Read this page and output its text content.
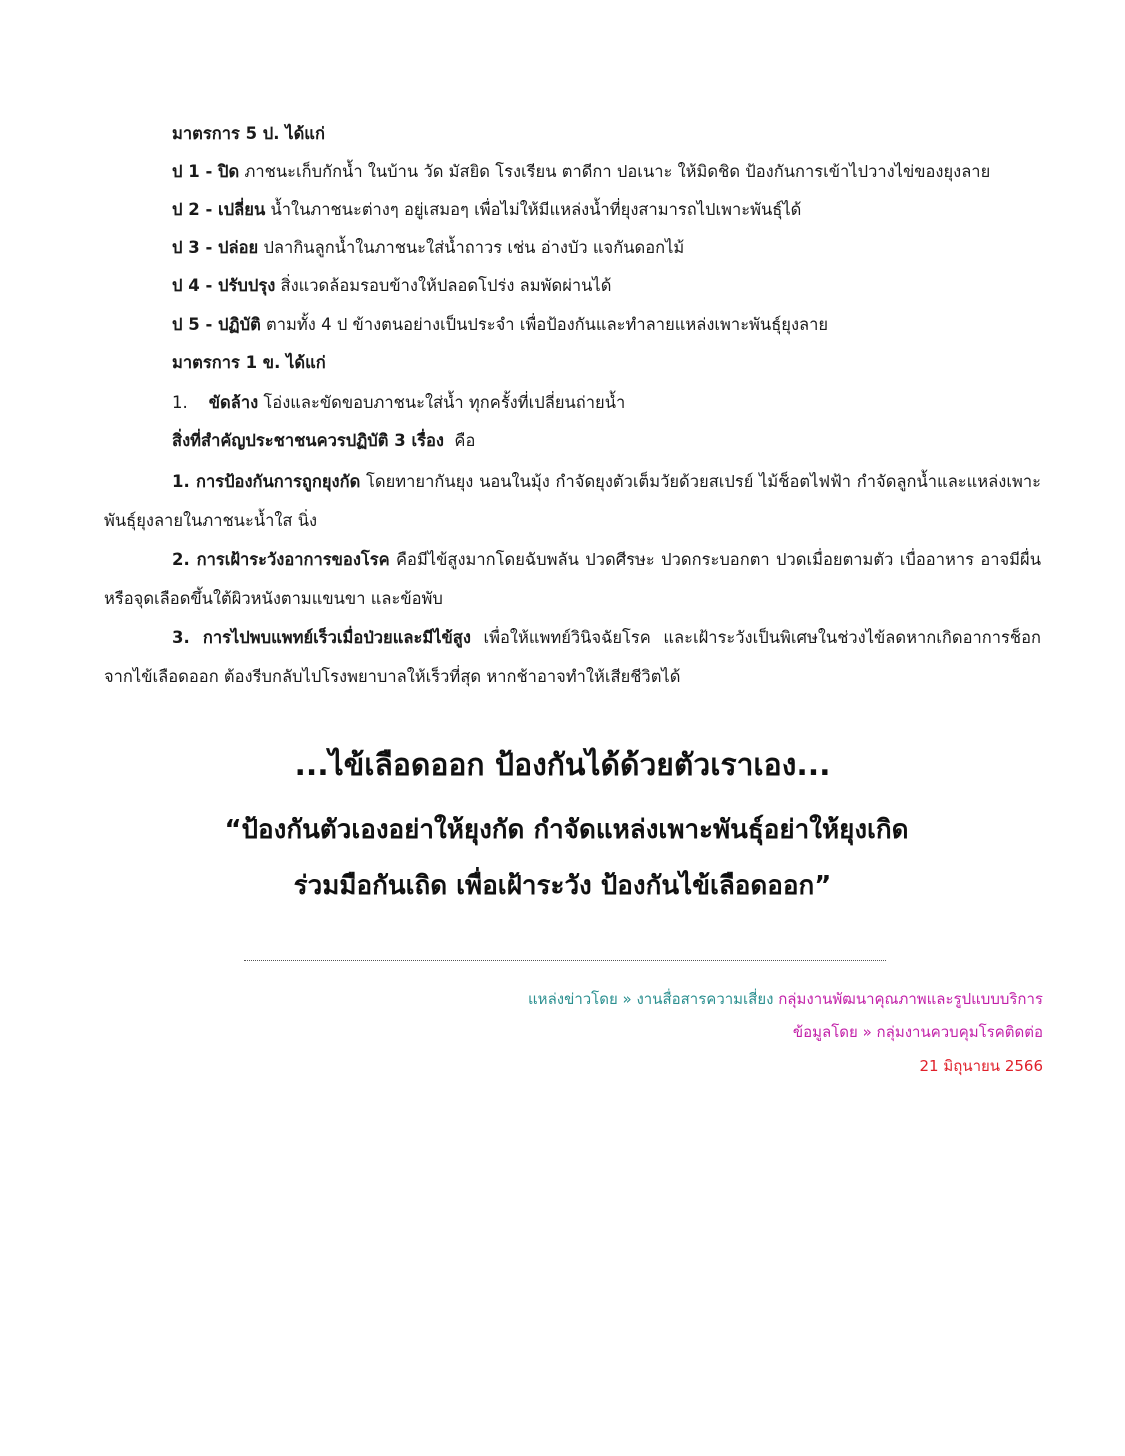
มาตรการ 5 ป. ได้แก่
ป 1 - ปิด ภาชนะเก็บกักน้ำ ในบ้าน วัด มัสยิด โรงเรียน ตาดีกา ปอเนาะ ให้มิดชิด ป้องกันการเข้าไปวางไข่ของยุงลาย
ป 2 - เปลี่ยน น้ำในภาชนะต่างๆ อยู่เสมอๆ เพื่อไม่ให้มีแหล่งน้ำที่ยุงสามารถไปเพาะพันธุ์ได้
ป 3 - ปล่อย ปลากินลูกน้ำในภาชนะใส่น้ำถาวร เช่น อ่างบัว แจกันดอกไม้
ป 4 - ปรับปรุง สิ่งแวดล้อมรอบข้างให้ปลอดโปร่ง ลมพัดผ่านได้
ป 5 - ปฏิบัติ ตามทั้ง 4 ป ข้างตนอย่างเป็นประจำ เพื่อป้องกันและทำลายแหล่งเพาะพันธุ์ยุงลาย
มาตรการ 1 ข. ได้แก่
1. ขัดล้าง โอ่งและขัดขอบภาชนะใส่น้ำ ทุกครั้งที่เปลี่ยนถ่ายน้ำ
สิ่งที่สำคัญประชาชนควรปฏิบัติ 3 เรื่อง  คือ
1. การป้องกันการถูกยุงกัด โดยทายากันยุง นอนในมุ้ง กำจัดยุงตัวเต็มวัยด้วยสเปรย์ ไม้ช็อตไฟฟ้า กำจัดลูกน้ำและแหล่งเพาะพันธุ์ยุงลายในภาชนะน้ำใส นิ่ง
2. การเฝ้าระวังอาการของโรค คือมีไข้สูงมากโดยฉับพลัน ปวดศีรษะ ปวดกระบอกตา ปวดเมื่อยตามตัว เบื่ออาหาร อาจมีผื่นหรือจุดเลือดขึ้นใต้ผิวหนังตามแขนขา และข้อพับ
3. การไปพบแพทย์เร็วเมื่อป่วยและมีไข้สูง เพื่อให้แพทย์วินิจฉัยโรค และเฝ้าระวังเป็นพิเศษในช่วงไข้ลดหากเกิดอาการช็อกจากไข้เลือดออก ต้องรีบกลับไปโรงพยาบาลให้เร็วที่สุด หากช้าอาจทำให้เสียชีวิตได้
...ไข้เลือดออก ป้องกันได้ด้วยตัวเราเอง...
“ป้องกันตัวเองอย่าให้ยุงกัด กำจัดแหล่งเพาะพันธุ์อย่าให้ยุงเกิด
ร่วมมือกันเถิด เพื่อเฝ้าระวัง ป้องกันไข้เลือดออก”
แหล่งข่าวโดย » งานสื่อสารความเสี่ยง กลุ่มงานพัฒนาคุณภาพและรูปแบบบริการ
ข้อมูลโดย » กลุ่มงานควบคุมโรคติดต่อ
21 มิถุนายน 2566
